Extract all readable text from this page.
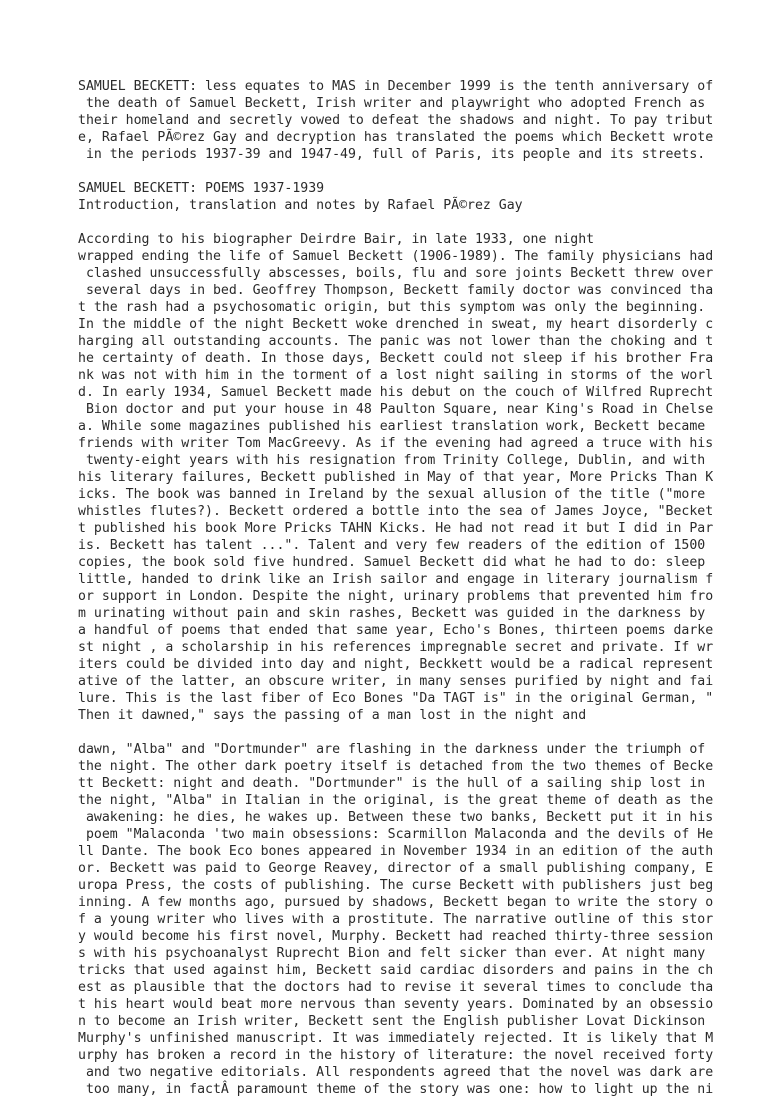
SAMUEL BECKETT: less equates to MAS in December 1999 is the tenth anniversary of
the death of Samuel Beckett, Irish writer and playwright who adopted French as
their homeland and secretly vowed to defeat the shadows and night. To pay tribut
e, Rafael PÃ©rez Gay and decryption has translated the poems which Beckett wrote
in the periods 1937-39 and 1947-49, full of Paris, its people and its streets.
SAMUEL BECKETT: POEMS 1937-1939
Introduction, translation and notes by Rafael PÃ©rez Gay
According to his biographer Deirdre Bair, in late 1933, one night
wrapped ending the life of Samuel Beckett (1906-1989). The family physicians had
clashed unsuccessfully abscesses, boils, flu and sore joints Beckett threw over
several days in bed. Geoffrey Thompson, Beckett family doctor was convinced tha
t the rash had a psychosomatic origin, but this symptom was only the beginning.
In the middle of the night Beckett woke drenched in sweat, my heart disorderly c
harging all outstanding accounts. The panic was not lower than the choking and t
he certainty of death. In those days, Beckett could not sleep if his brother Fra
nk was not with him in the torment of a lost night sailing in storms of the worl
d. In early 1934, Samuel Beckett made his debut on the couch of Wilfred Ruprecht
Bion doctor and put your house in 48 Paulton Square, near King's Road in Chelse
a. While some magazines published his earliest translation work, Beckett became
friends with writer Tom MacGreevy. As if the evening had agreed a truce with his
twenty-eight years with his resignation from Trinity College, Dublin, and with
his literary failures, Beckett published in May of that year, More Pricks Than K
icks. The book was banned in Ireland by the sexual allusion of the title ("more
whistles flutes?). Beckett ordered a bottle into the sea of James Joyce, "Becket
t published his book More Pricks TAHN Kicks. He had not read it but I did in Par
is. Beckett has talent ...". Talent and very few readers of the edition of 1500
copies, the book sold five hundred. Samuel Beckett did what he had to do: sleep
little, handed to drink like an Irish sailor and engage in literary journalism f
or support in London. Despite the night, urinary problems that prevented him fro
m urinating without pain and skin rashes, Beckett was guided in the darkness by
a handful of poems that ended that same year, Echo's Bones, thirteen poems darke
st night , a scholarship in his references impregnable secret and private. If wr
iters could be divided into day and night, Beckkett would be a radical represent
ative of the latter, an obscure writer, in many senses purified by night and fai
lure. This is the last fiber of Eco Bones "Da TAGT is" in the original German, "
Then it dawned," says the passing of a man lost in the night and
dawn, "Alba" and "Dortmunder" are flashing in the darkness under the triumph of
the night. The other dark poetry itself is detached from the two themes of Becke
tt Beckett: night and death. "Dortmunder" is the hull of a sailing ship lost in
the night, "Alba" in Italian in the original, is the great theme of death as the
awakening: he dies, he wakes up. Between these two banks, Beckett put it in his
poem "Malaconda 'two main obsessions: Scarmillon Malaconda and the devils of He
ll Dante. The book Eco bones appeared in November 1934 in an edition of the auth
or. Beckett was paid to George Reavey, director of a small publishing company, E
uropa Press, the costs of publishing. The curse Beckett with publishers just beg
inning. A few months ago, pursued by shadows, Beckett began to write the story o
f a young writer who lives with a prostitute. The narrative outline of this stor
y would become his first novel, Murphy. Beckett had reached thirty-three session
s with his psychoanalyst Ruprecht Bion and felt sicker than ever. At night many
tricks that used against him, Beckett said cardiac disorders and pains in the ch
est as plausible that the doctors had to revise it several times to conclude tha
t his heart would beat more nervous than seventy years. Dominated by an obsessio
n to become an Irish writer, Beckett sent the English publisher Lovat Dickinson
Murphy's unfinished manuscript. It was immediately rejected. It is likely that M
urphy has broken a record in the history of literature: the novel received forty
and two negative editorials. All respondents agreed that the novel was dark are
too many, in factÂ paramount theme of the story was one: how to light up the ni
